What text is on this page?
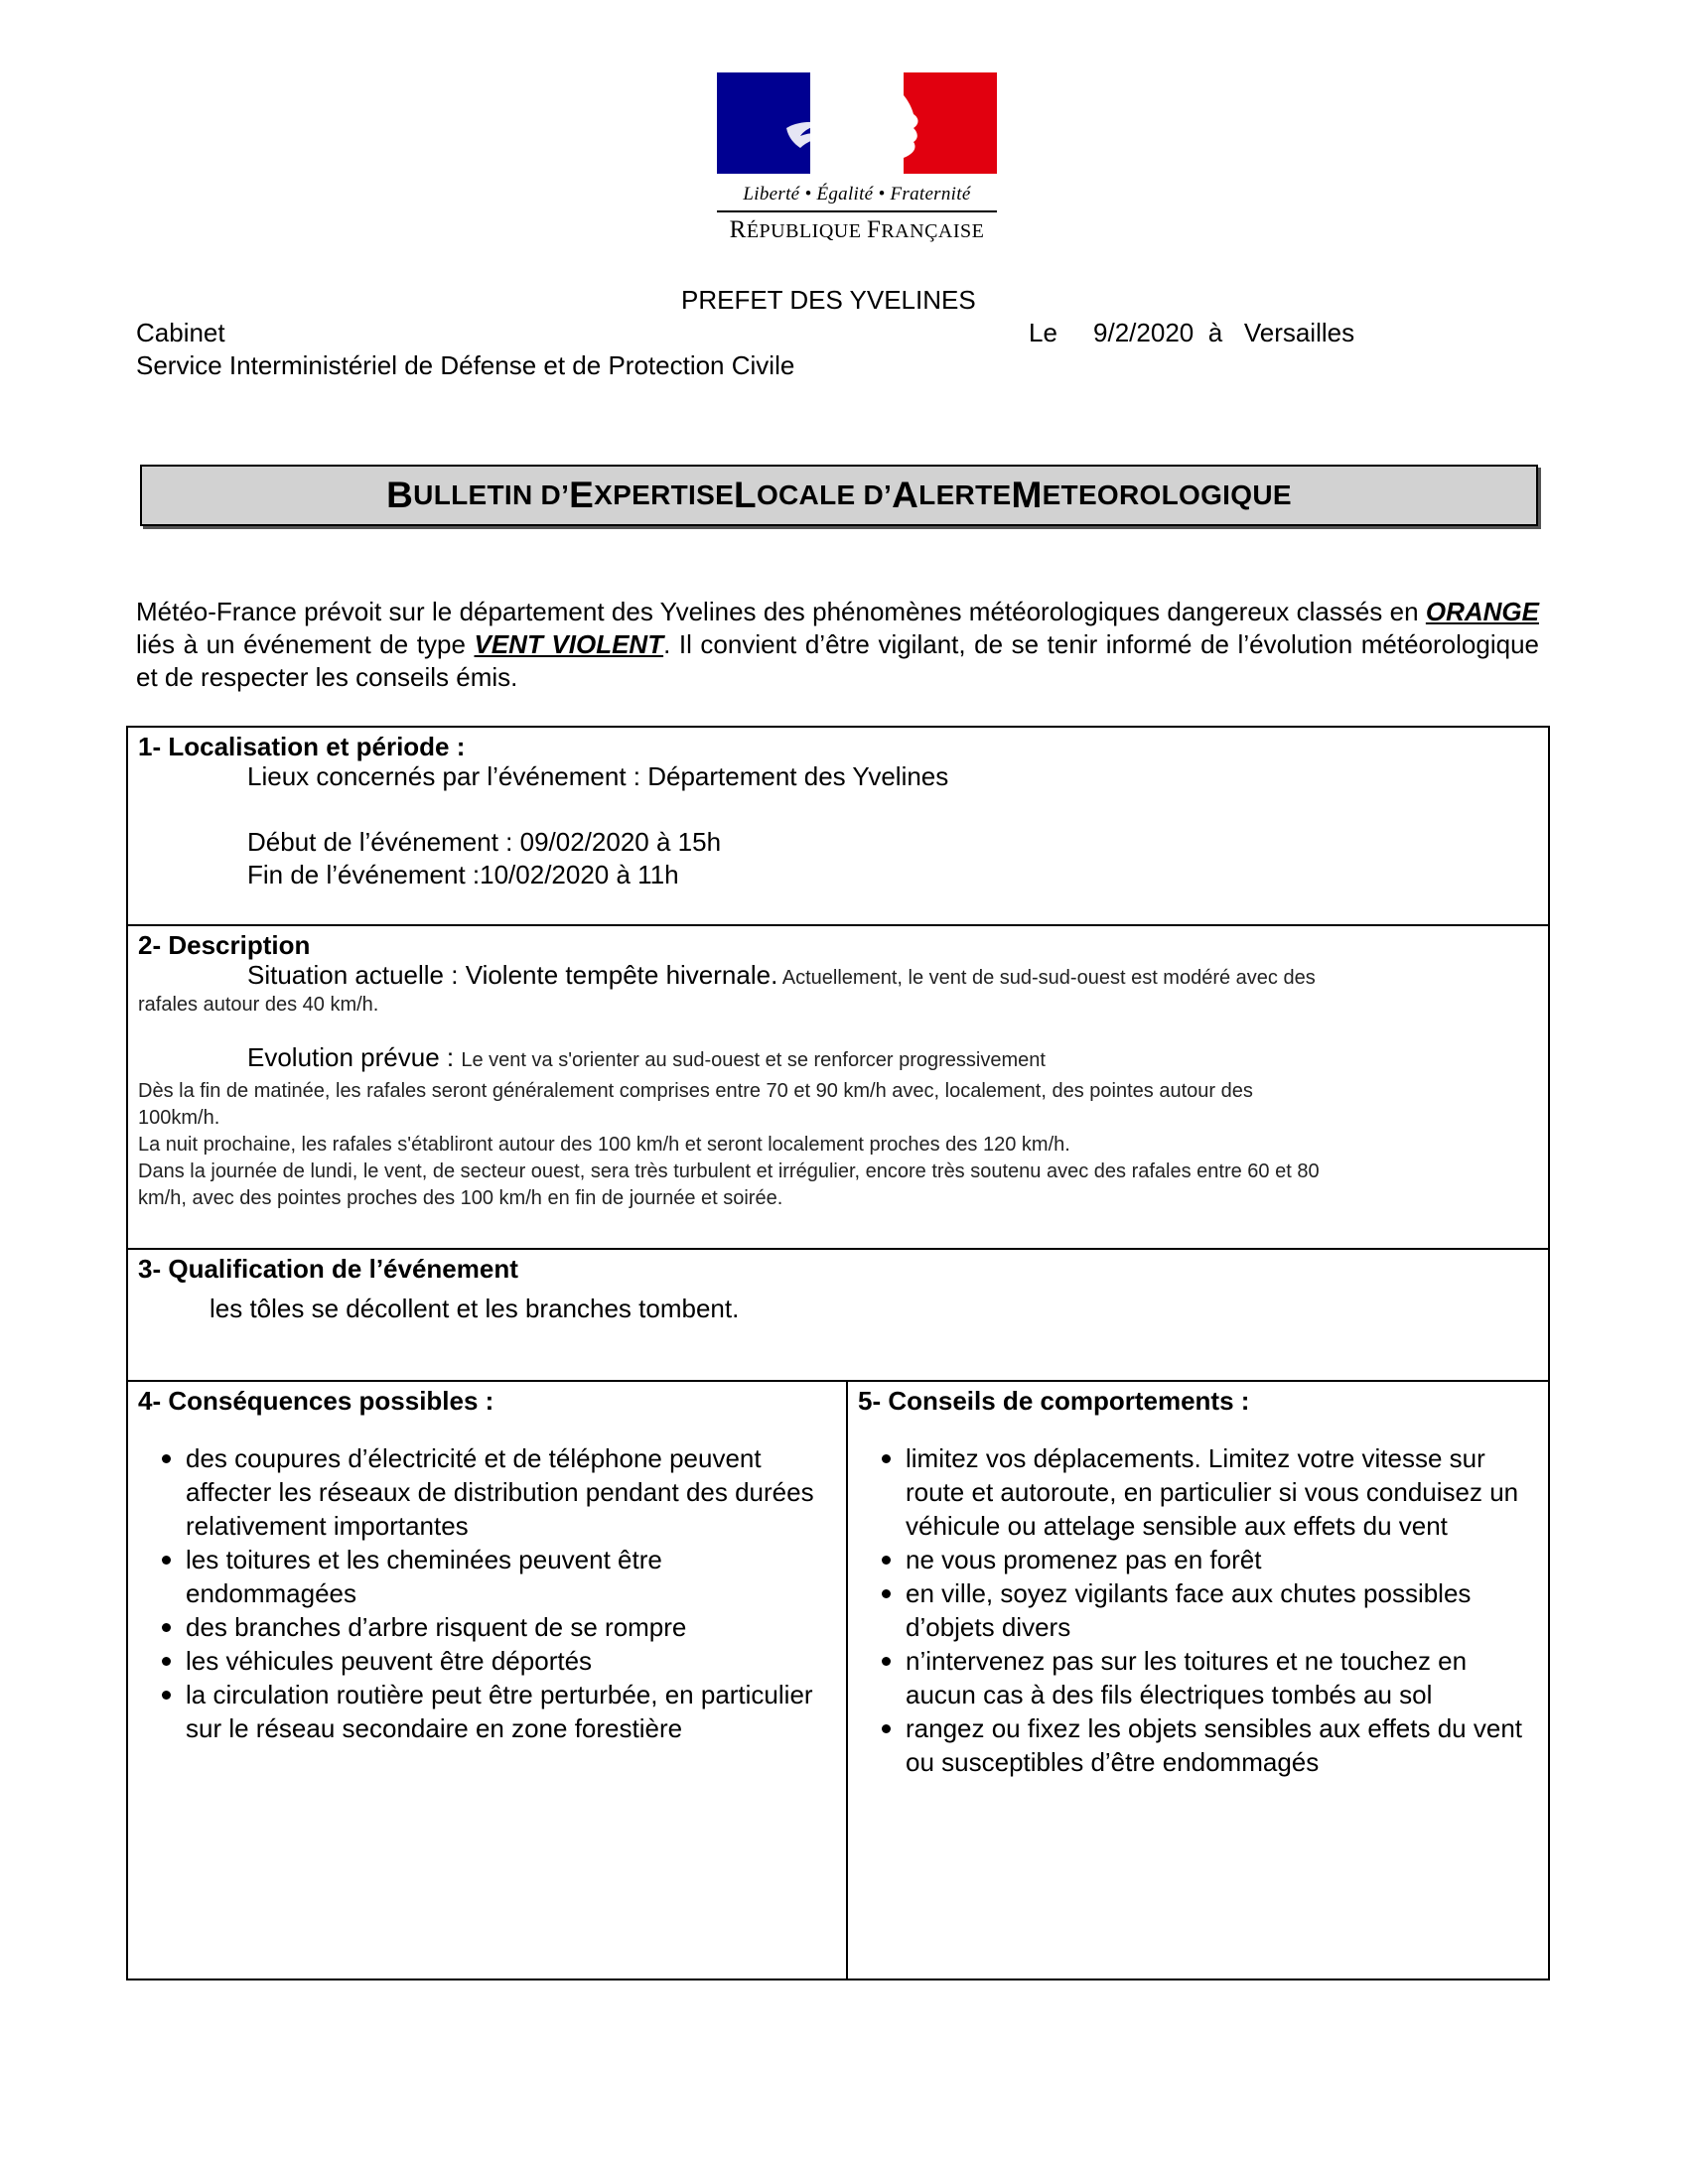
Liberté • Égalité • Fraternité
RÉPUBLIQUE FRANÇAISE
PREFET DES YVELINES
Cabinet
Service Interministériel de Défense et de Protection Civile
Le     9/2/2020  à   Versailles
B ULLETIN D’ E XPERTISE L OCALE D’ A LERTE M ETEOROLOGIQUE
Météo-France prévoit sur le département des Yvelines des phénomènes météorologiques dangereux classés en ORANGE liés à un événement de type VENT VIOLENT. Il convient d’être vigilant, de se tenir informé de l’évolution météorologique et de respecter les conseils émis.
1- Localisation et période :
Lieux concernés par l’événement : Département des Yvelines
Début de l’événement : 09/02/2020 à 15h
Fin de l’événement :10/02/2020 à 11h
2- Description
Situation actuelle : Violente tempête hivernale. Actuellement, le vent de sud-sud-ouest est modéré avec des
rafales autour des 40 km/h.
Evolution prévue : Le vent va s'orienter au sud-ouest et se renforcer progressivement
Dès la fin de matinée, les rafales seront généralement comprises entre 70 et 90 km/h avec, localement, des pointes autour des
100km/h.
La nuit prochaine, les rafales s'établiront autour des 100 km/h et seront localement proches des 120 km/h.
Dans la journée de lundi, le vent, de secteur ouest, sera très turbulent et irrégulier, encore très soutenu avec des rafales entre 60 et 80
km/h, avec des pointes proches des 100 km/h en fin de journée et soirée.
3- Qualification de l’événement
les tôles se décollent et les branches tombent.
4- Conséquences possibles :
des coupures d’électricité et de téléphone peuvent affecter les réseaux de distribution pendant des durées relativement importantes
les toitures et les cheminées peuvent être endommagées
des branches d’arbre risquent de se rompre
les véhicules peuvent être déportés
la circulation routière peut être perturbée, en particulier sur le réseau secondaire en zone forestière
5- Conseils de comportements :
limitez vos déplacements. Limitez votre vitesse sur route et autoroute, en particulier si vous conduisez un véhicule ou attelage sensible aux effets du vent
ne vous promenez pas en forêt
en ville, soyez vigilants face aux chutes possibles d’objets divers
n’intervenez pas sur les toitures et ne touchez en aucun cas à des fils électriques tombés au sol
rangez ou fixez les objets sensibles aux effets du vent ou susceptibles d’être endommagés
